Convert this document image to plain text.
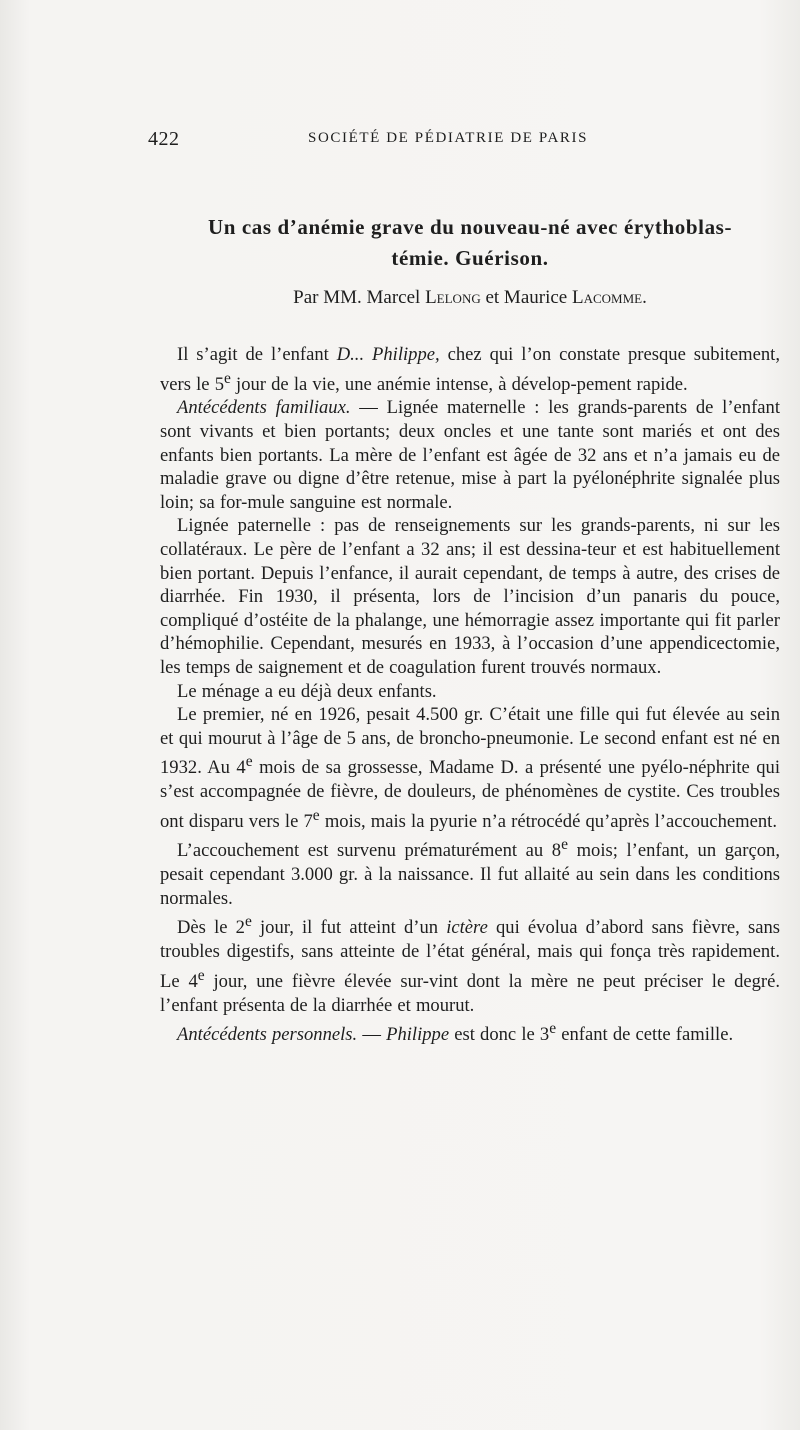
422	SOCIÉTÉ DE PÉDIATRIE DE PARIS
Un cas d’anémie grave du nouveau-né avec érythoblas-
témie. Guérison.
Par MM. Marcel Lelong et Maurice Lacomme.

Il s’agit de l’enfant D... Philippe, chez qui l’on constate presque subitement, vers le 5e jour de la vie, une anémie intense, à dévelop-pement rapide.

Antécédents familiaux. — Lignée maternelle : les grands-parents de l’enfant sont vivants et bien portants; deux oncles et une tante sont mariés et ont des enfants bien portants. La mère de l’enfant est âgée de 32 ans et n’a jamais eu de maladie grave ou digne d’être retenue, mise à part la pyélonéphrite signalée plus loin; sa for-mule sanguine est normale.

Lignée paternelle : pas de renseignements sur les grands-parents, ni sur les collatéraux. Le père de l’enfant a 32 ans; il est dessina-teur et est habituellement bien portant. Depuis l’enfance, il aurait cependant, de temps à autre, des crises de diarrhée. Fin 1930, il présenta, lors de l’incision d’un panaris du pouce, compliqué d’ostéite de la phalange, une hémorragie assez importante qui fit parler d’hémophilie. Cependant, mesurés en 1933, à l’occasion d’une appendicectomie, les temps de saignement et de coagulation furent trouvés normaux.

Le ménage a eu déjà deux enfants.

Le premier, né en 1926, pesait 4.500 gr. C’était une fille qui fut élevée au sein et qui mourut à l’âge de 5 ans, de broncho-pneumonie. Le second enfant est né en 1932. Au 4e mois de sa grossesse, Madame D. a présenté une pyélo-néphrite qui s’est accompagnée de fièvre, de douleurs, de phénomènes de cystite. Ces troubles ont disparu vers le 7e mois, mais la pyurie n’a rétrocédé qu’après l’accouchement.

L’accouchement est survenu prématurément au 8e mois; l’enfant, un garçon, pesait cependant 3.000 gr. à la naissance. Il fut allaité au sein dans les conditions normales.

Dès le 2e jour, il fut atteint d’un ictère qui évolua d’abord sans fièvre, sans troubles digestifs, sans atteinte de l’état général, mais qui fonça très rapidement. Le 4e jour, une fièvre élevée sur-vint dont la mère ne peut préciser le degré. l’enfant présenta de la diarrhée et mourut.

Antécédents personnels. — Philippe est donc le 3e enfant de cette famille.
